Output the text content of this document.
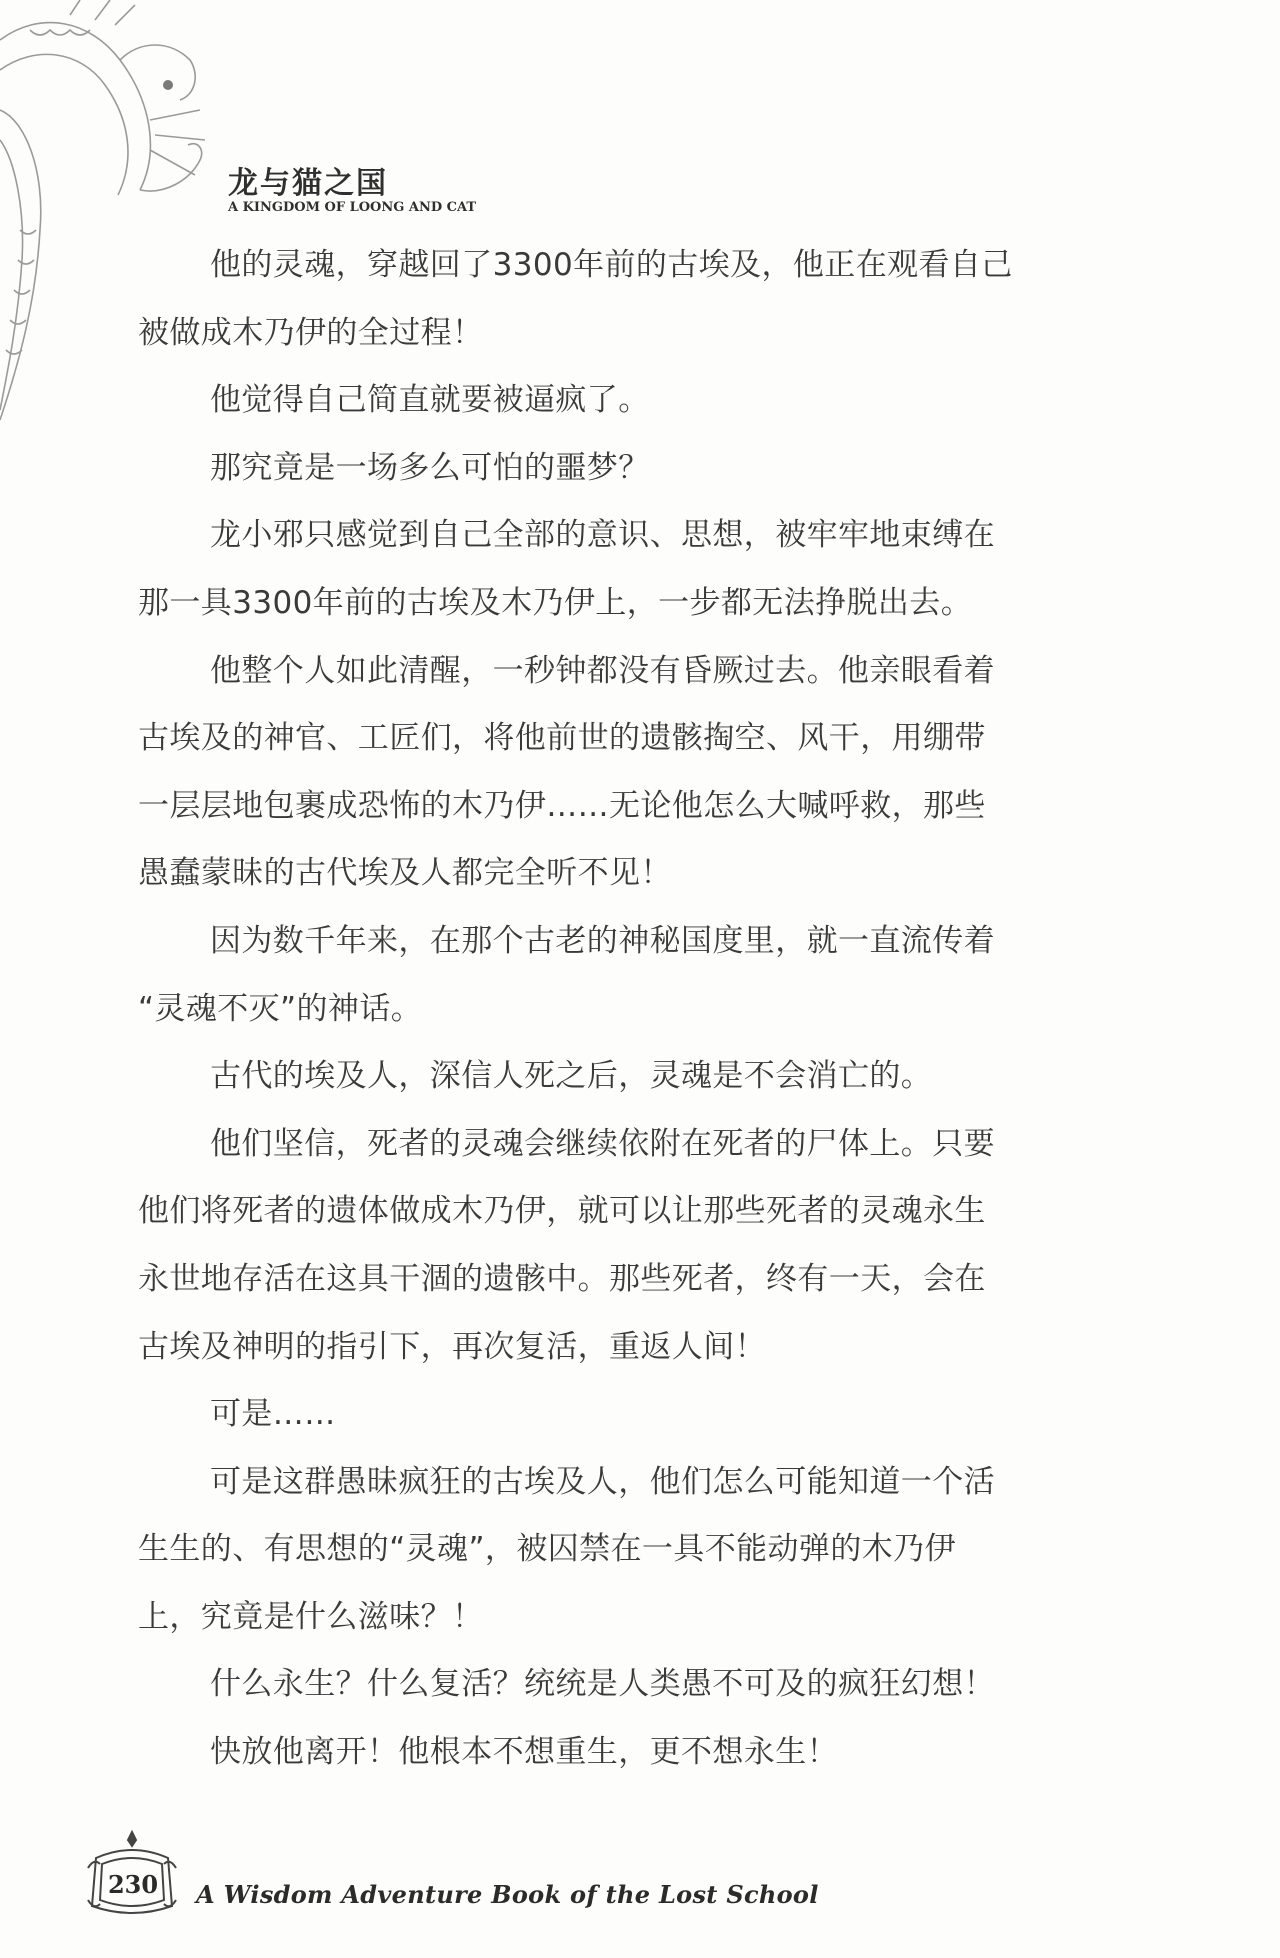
龙与猫之国
A KINGDOM OF LOONG AND CAT
他的灵魂，穿越回了3300年前的古埃及，他正在观看自己
被做成木乃伊的全过程！
他觉得自己简直就要被逼疯了。
那究竟是一场多么可怕的噩梦？
龙小邪只感觉到自己全部的意识、思想，被牢牢地束缚在
那一具3300年前的古埃及木乃伊上，一步都无法挣脱出去。
他整个人如此清醒，一秒钟都没有昏厥过去。他亲眼看着
古埃及的神官、工匠们，将他前世的遗骸掏空、风干，用绷带
一层层地包裹成恐怖的木乃伊……无论他怎么大喊呼救，那些
愚蠢蒙昧的古代埃及人都完全听不见！
因为数千年来，在那个古老的神秘国度里，就一直流传着
“灵魂不灭”的神话。
古代的埃及人，深信人死之后，灵魂是不会消亡的。
他们坚信，死者的灵魂会继续依附在死者的尸体上。只要
他们将死者的遗体做成木乃伊，就可以让那些死者的灵魂永生
永世地存活在这具干涸的遗骸中。那些死者，终有一天，会在
古埃及神明的指引下，再次复活，重返人间！
可是……
可是这群愚昧疯狂的古埃及人，他们怎么可能知道一个活
生生的、有思想的“灵魂”，被囚禁在一具不能动弹的木乃伊
上，究竟是什么滋味？！
什么永生？什么复活？统统是人类愚不可及的疯狂幻想！
快放他离开！他根本不想重生，更不想永生！
230 A Wisdom Adventure Book of the Lost School
